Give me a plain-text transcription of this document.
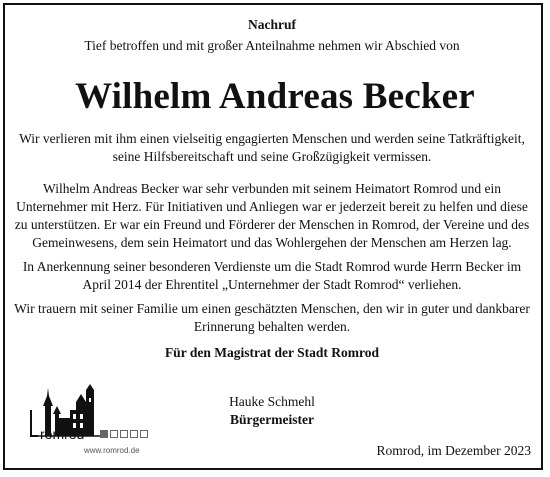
Nachruf
Tief betroffen und mit großer Anteilnahme nehmen wir Abschied von
Wilhelm Andreas Becker
Wir verlieren mit ihm einen vielseitig engagierten Menschen und werden seine Tatkräftigkeit,
seine Hilfsbereitschaft und seine Großzügigkeit vermissen.
Wilhelm Andreas Becker war sehr verbunden mit seinem Heimatort Romrod und ein
Unternehmer mit Herz. Für Initiativen und Anliegen war er jederzeit bereit zu helfen und diese
zu unterstützen. Er war ein Freund und Förderer der Menschen in Romrod, der Vereine und des
Gemeinwesens, dem sein Heimatort und das Wohlergehen der Menschen am Herzen lag.
In Anerkennung seiner besonderen Verdienste um die Stadt Romrod wurde Herrn Becker im
April 2014 der Ehrentitel „Unternehmer der Stadt Romrod“ verliehen.
Wir trauern mit seiner Familie um einen geschätzten Menschen, den wir in guter und dankbarer
Erinnerung behalten werden.
Für den Magistrat der Stadt Romrod
romrod
www.romrod.de
Hauke Schmehl
Bürgermeister
Romrod, im Dezember 2023
